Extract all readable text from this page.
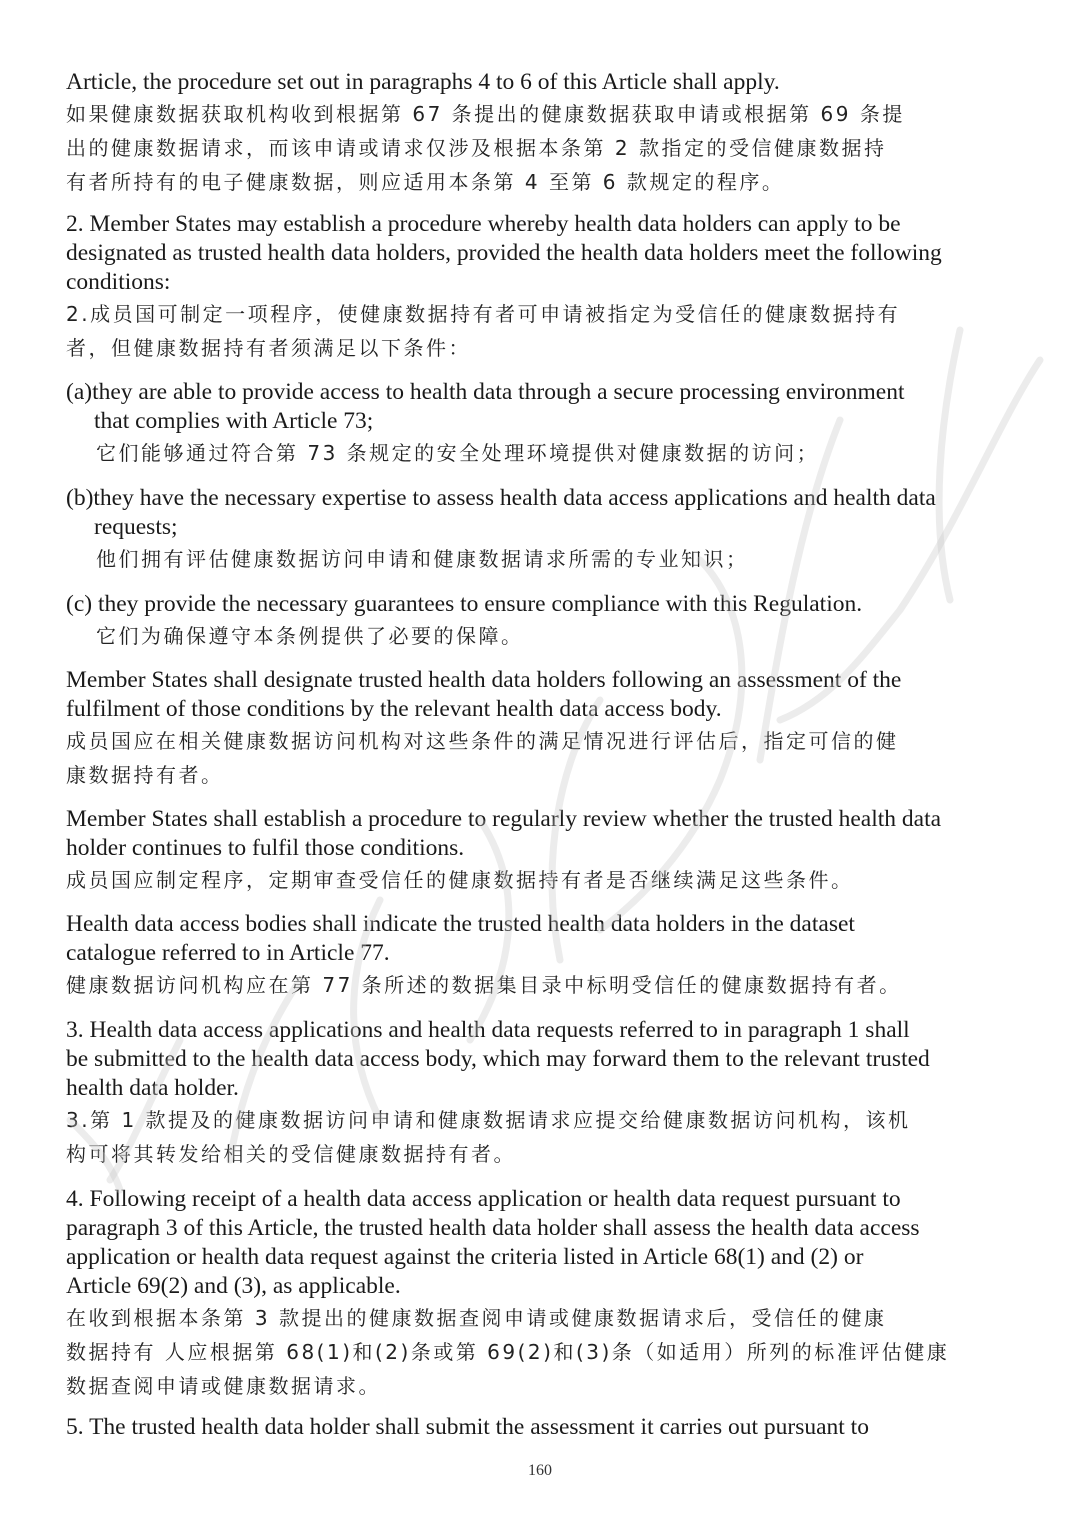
Article, the procedure set out in paragraphs 4 to 6 of this Article shall apply.
如果健康数据获取机构收到根据第 67 条提出的健康数据获取申请或根据第 69 条提
出的健康数据请求，而该申请或请求仅涉及根据本条第 2 款指定的受信健康数据持
有者所持有的电子健康数据，则应适用本条第 4 至第 6 款规定的程序。
2. Member States may establish a procedure whereby health data holders can apply to be
designated as trusted health data holders, provided the health data holders meet the following
conditions:
2.成员国可制定一项程序，使健康数据持有者可申请被指定为受信任的健康数据持有
者，但健康数据持有者须满足以下条件：
(a)they are able to provide access to health data through a secure processing environment
that complies with Article 73;
它们能够通过符合第 73 条规定的安全处理环境提供对健康数据的访问；
(b)they have the necessary expertise to assess health data access applications and health data
requests;
他们拥有评估健康数据访问申请和健康数据请求所需的专业知识；
(c) they provide the necessary guarantees to ensure compliance with this Regulation.
它们为确保遵守本条例提供了必要的保障。
Member States shall designate trusted health data holders following an assessment of the
fulfilment of those conditions by the relevant health data access body.
成员国应在相关健康数据访问机构对这些条件的满足情况进行评估后，指定可信的健
康数据持有者。
Member States shall establish a procedure to regularly review whether the trusted health data
holder continues to fulfil those conditions.
成员国应制定程序，定期审查受信任的健康数据持有者是否继续满足这些条件。
Health data access bodies shall indicate the trusted health data holders in the dataset
catalogue referred to in Article 77.
健康数据访问机构应在第 77 条所述的数据集目录中标明受信任的健康数据持有者。
3. Health data access applications and health data requests referred to in paragraph 1 shall
be submitted to the health data access body, which may forward them to the relevant trusted
health data holder.
3.第 1 款提及的健康数据访问申请和健康数据请求应提交给健康数据访问机构，该机
构可将其转发给相关的受信健康数据持有者。
4. Following receipt of a health data access application or health data request pursuant to
paragraph 3 of this Article, the trusted health data holder shall assess the health data access
application or health data request against the criteria listed in Article 68(1) and (2) or
Article 69(2) and (3), as applicable.
在收到根据本条第 3 款提出的健康数据查阅申请或健康数据请求后，受信任的健康
数据持有 人应根据第 68(1)和(2)条或第 69(2)和(3)条（如适用）所列的标准评估健康
数据查阅申请或健康数据请求。
5. The trusted health data holder shall submit the assessment it carries out pursuant to
160
